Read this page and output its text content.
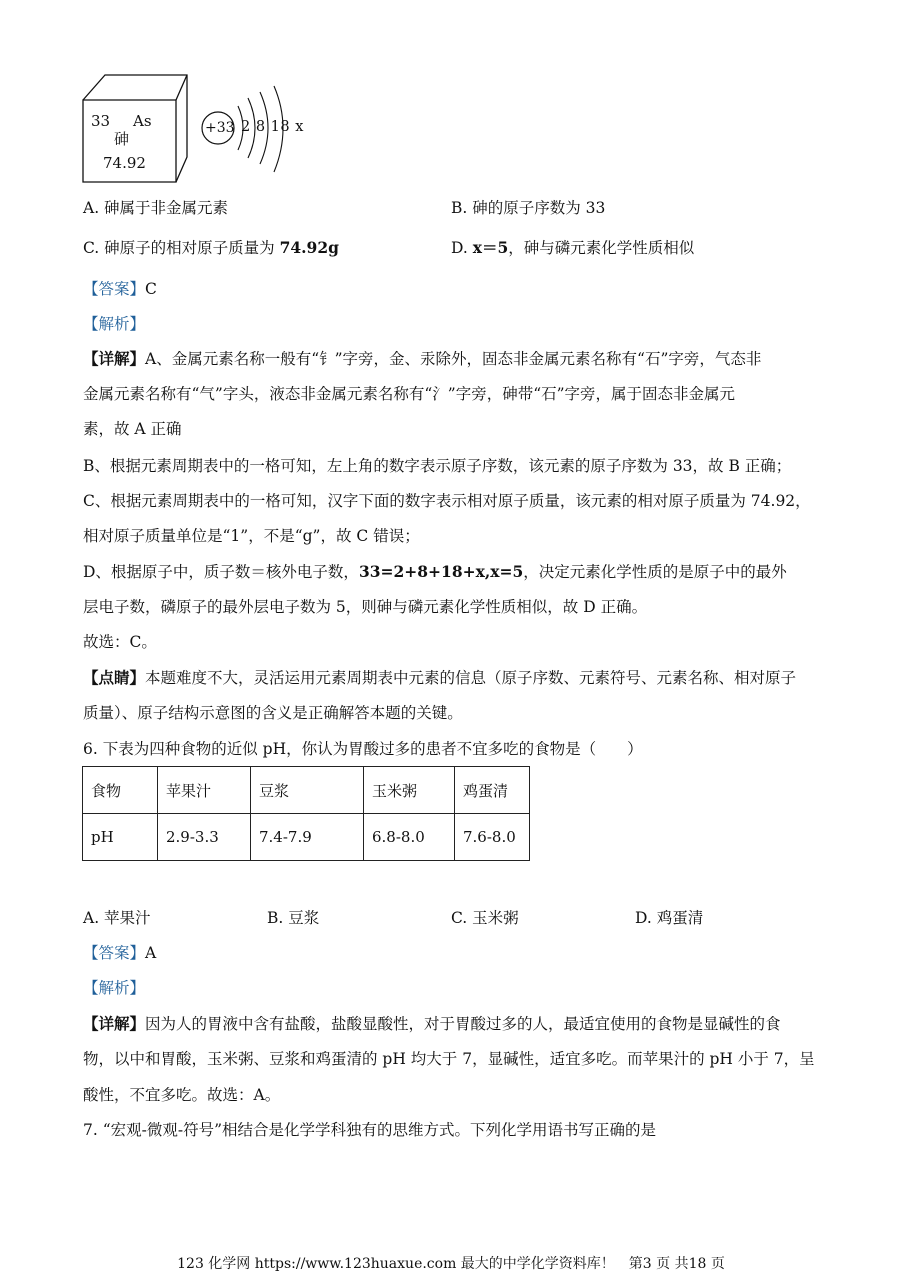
33 As
砷
74.92
+33 2 8 18 x
A. 砷属于非金属元素	B. 砷的原子序数为 33
C. 砷原子的相对原子质量为 74.92g	D. x＝5，砷与磷元素化学性质相似
【答案】C
【解析】
【详解】A、金属元素名称一般有“钅”字旁，金、汞除外，固态非金属元素名称有“石”字旁，气态非
金属元素名称有“气”字头，液态非金属元素名称有“氵”字旁，砷带“石”字旁，属于固态非金属元
素，故 A 正确
B、根据元素周期表中的一格可知，左上角的数字表示原子序数，该元素的原子序数为 33，故 B 正确；
C、根据元素周期表中的一格可知，汉字下面的数字表示相对原子质量，该元素的相对原子质量为 74.92，
相对原子质量单位是“1”，不是“g”，故 C 错误；
D、根据原子中，质子数＝核外电子数，33=2+8+18+x,x=5，决定元素化学性质的是原子中的最外
层电子数，磷原子的最外层电子数为 5，则砷与磷元素化学性质相似，故 D 正确。
故选：C。
【点睛】本题难度不大，灵活运用元素周期表中元素的信息（原子序数、元素符号、元素名称、相对原子
质量）、原子结构示意图的含义是正确解答本题的关键。
6. 下表为四种食物的近似 pH，你认为胃酸过多的患者不宜多吃的食物是（　　）
食物	苹果汁	豆浆	玉米粥	鸡蛋清
pH	2.9-3.3	7.4-7.9	6.8-8.0	7.6-8.0
A. 苹果汁	B. 豆浆	C. 玉米粥	D. 鸡蛋清
【答案】A
【解析】
【详解】因为人的胃液中含有盐酸，盐酸显酸性，对于胃酸过多的人，最适宜使用的食物是显碱性的食
物，以中和胃酸，玉米粥、豆浆和鸡蛋清的 pH 均大于 7，显碱性，适宜多吃。而苹果汁的 pH 小于 7，呈
酸性，不宜多吃。故选：A。
7. “宏观-微观-符号”相结合是化学学科独有的思维方式。下列化学用语书写正确的是
123 化学网 https://www.123huaxue.com 最大的中学化学资料库！　第3 页 共18 页
